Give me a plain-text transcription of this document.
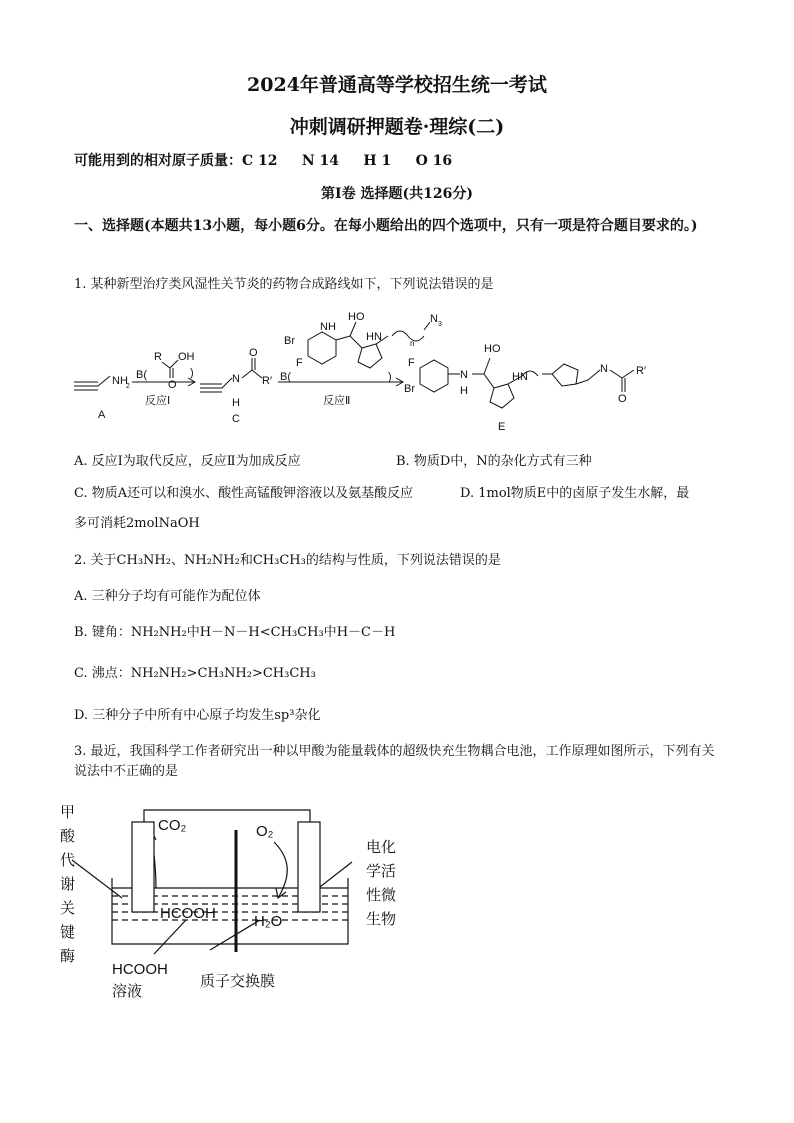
2024年普通高等学校招生统一考试
冲刺调研押题卷·理综(二)
可能用到的相对原子质量：C 12     N 14     H 1     O 16
第Ⅰ卷 选择题(共126分)
一、选择题(本题共13小题，每小题6分。在每小题给出的四个选项中，只有一项是符合题目要求的。)
1. 某种新型治疗类风湿性关节炎的药物合成路线如下，下列说法错误的是
NH
2
A
B(
R OH
O
)
反应Ⅰ
N
H
O
R′
C
B(
Br
F
HO
NH
HN
N 3
n
)
反应Ⅱ
F
Br
N
H
HO
HN
N
O
R′
E
A. 反应Ⅰ为取代反应，反应Ⅱ为加成反应	B. 物质D中，N的杂化方式有三种
C. 物质A还可以和溴水、酸性高锰酸钾溶液以及氨基酸反应	D. 1mol物质E中的卤原子发生水解，最
多可消耗2molNaOH
2. 关于CH₃NH₂、NH₂NH₂和CH₃CH₃的结构与性质，下列说法错误的是
A. 三种分子均有可能作为配位体
B. 键角：NH₂NH₂中H－N－H<CH₃CH₃中H－C－H
C. 沸点：NH₂NH₂>CH₃NH₂>CH₃CH₃
D. 三种分子中所有中心原子均发生sp³杂化
3. 最近，我国科学工作者研究出一种以甲酸为能量载体的超级快充生物耦合电池，工作原理如图所示，下列有关说法中不正确的是
甲
酸
代
谢
关
键
酶
电化
学活
性微
生物
CO₂	O₂
HCOOH	H₂O
HCOOH
溶液
质子交换膜
